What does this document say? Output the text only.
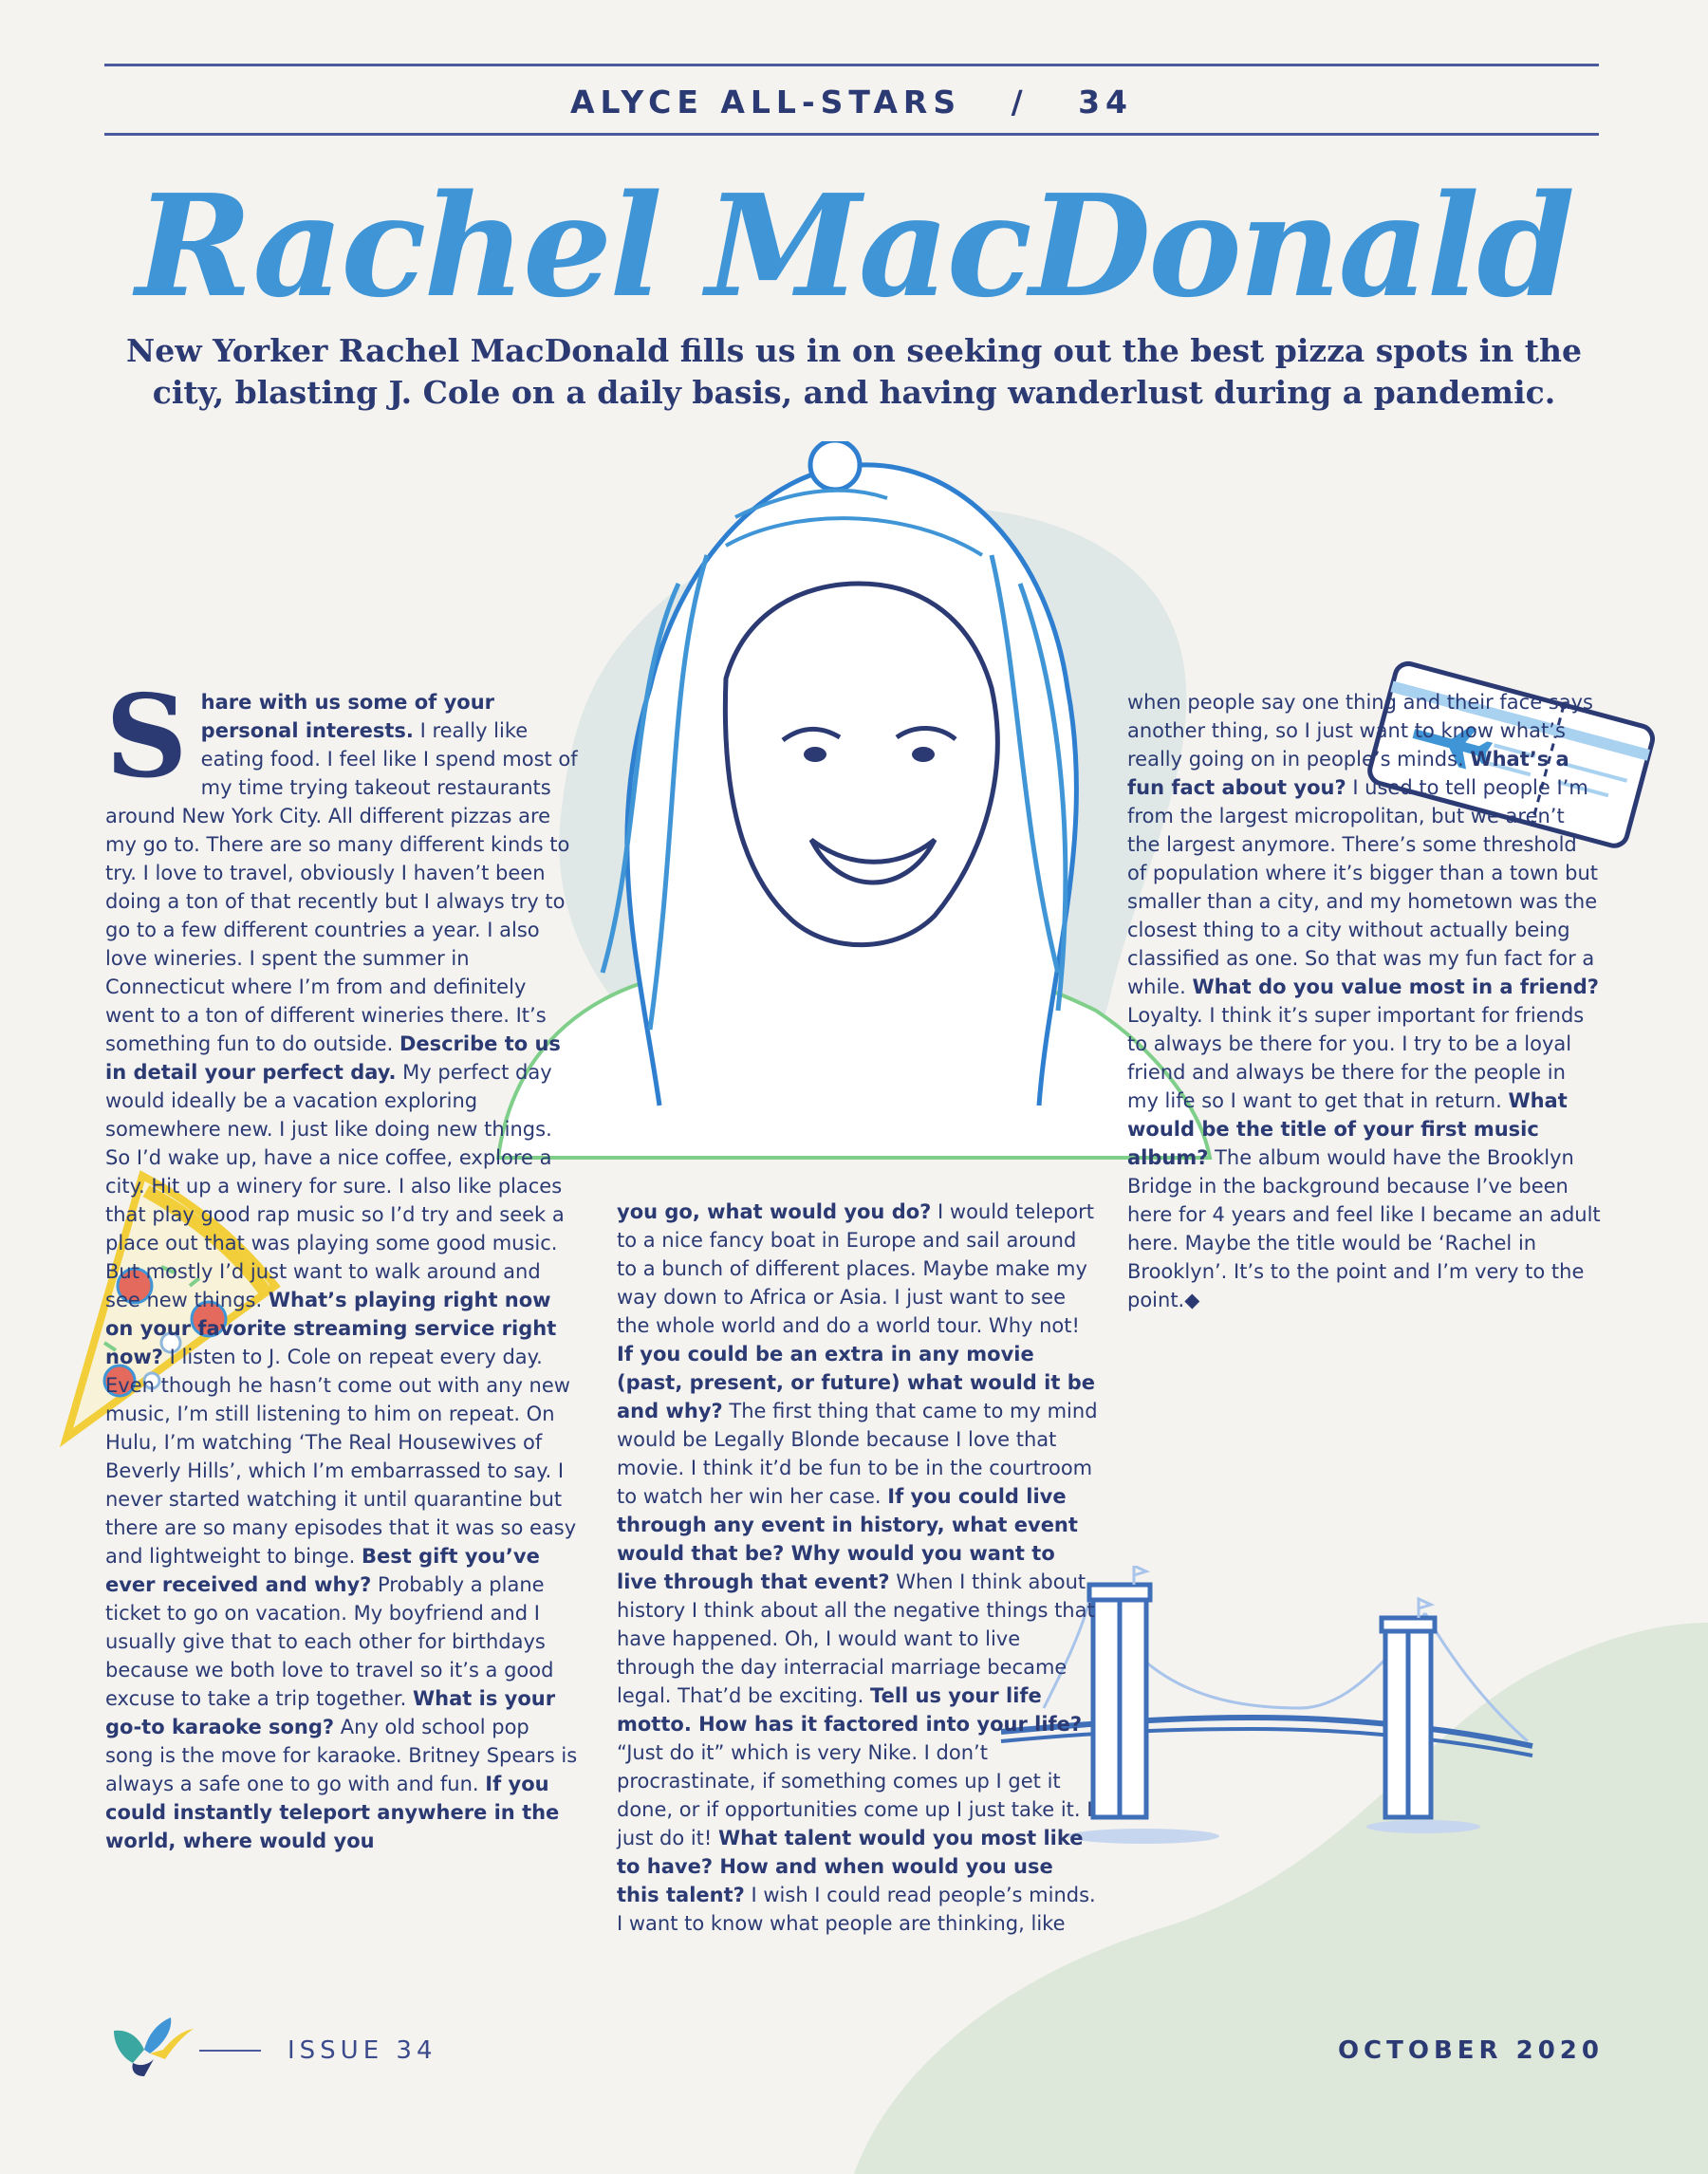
ALYCE ALL-STARS / 34
Rachel MacDonald
New Yorker Rachel MacDonald fills us in on seeking out the best pizza spots in the city, blasting J. Cole on a daily basis, and having wanderlust during a pandemic.
S hare with us some of your personal interests. I really like eating food. I feel like I spend most of my time trying takeout restaurants around New York City. All different pizzas are my go to. There are so many different kinds to try. I love to travel, obviously I haven’t been doing a ton of that recently but I always try to go to a few different countries a year. I also love wineries. I spent the summer in Connecticut where I’m from and definitely went to a ton of different wineries there. It’s something fun to do outside. Describe to us in detail your perfect day. My perfect day would ideally be a vacation exploring somewhere new. I just like doing new things. So I’d wake up, have a nice coffee, explore a city. Hit up a winery for sure. I also like places that play good rap music so I’d try and seek a place out that was playing some good music. But mostly I’d just want to walk around and see new things. What’s playing right now on your favorite streaming service right now? I listen to J. Cole on repeat every day. Even though he hasn’t come out with any new music, I’m still listening to him on repeat. On Hulu, I’m watching ‘The Real Housewives of Beverly Hills’, which I’m embarrassed to say. I never started watching it until quarantine but there are so many episodes that it was so easy and lightweight to binge. Best gift you’ve ever received and why? Probably a plane ticket to go on vacation. My boyfriend and I usually give that to each other for birthdays because we both love to travel so it’s a good excuse to take a trip together. What is your go-to karaoke song? Any old school pop song is the move for karaoke. Britney Spears is always a safe one to go with and fun. If you could instantly teleport anywhere in the world, where would you
you go, what would you do? I would teleport to a nice fancy boat in Europe and sail around to a bunch of different places. Maybe make my way down to Africa or Asia. I just want to see the whole world and do a world tour. Why not! If you could be an extra in any movie (past, present, or future) what would it be and why? The first thing that came to my mind would be Legally Blonde because I love that movie. I think it’d be fun to be in the courtroom to watch her win her case. If you could live through any event in history, what event would that be? Why would you want to live through that event? When I think about history I think about all the negative things that have happened. Oh, I would want to live through the day interracial marriage became legal. That’d be exciting. Tell us your life motto. How has it factored into your life? “Just do it” which is very Nike. I don’t procrastinate, if something comes up I get it done, or if opportunities come up I just take it. I just do it! What talent would you most like to have? How and when would you use this talent? I wish I could read people’s minds. I want to know what people are thinking, like
when people say one thing and their face says another thing, so I just want to know what’s really going on in people’s minds. What’s a fun fact about you? I used to tell people I’m from the largest micropolitan, but we aren’t the largest anymore. There’s some threshold of population where it’s bigger than a town but smaller than a city, and my hometown was the closest thing to a city without actually being classified as one. So that was my fun fact for a while. What do you value most in a friend? Loyalty. I think it’s super important for friends to always be there for you. I try to be a loyal friend and always be there for the people in my life so I want to get that in return. What would be the title of your first music album? The album would have the Brooklyn Bridge in the background because I’ve been here for 4 years and feel like I became an adult here. Maybe the title would be ‘Rachel in Brooklyn’. It’s to the point and I’m very to the point.◆
ISSUE 34	OCTOBER 2020
